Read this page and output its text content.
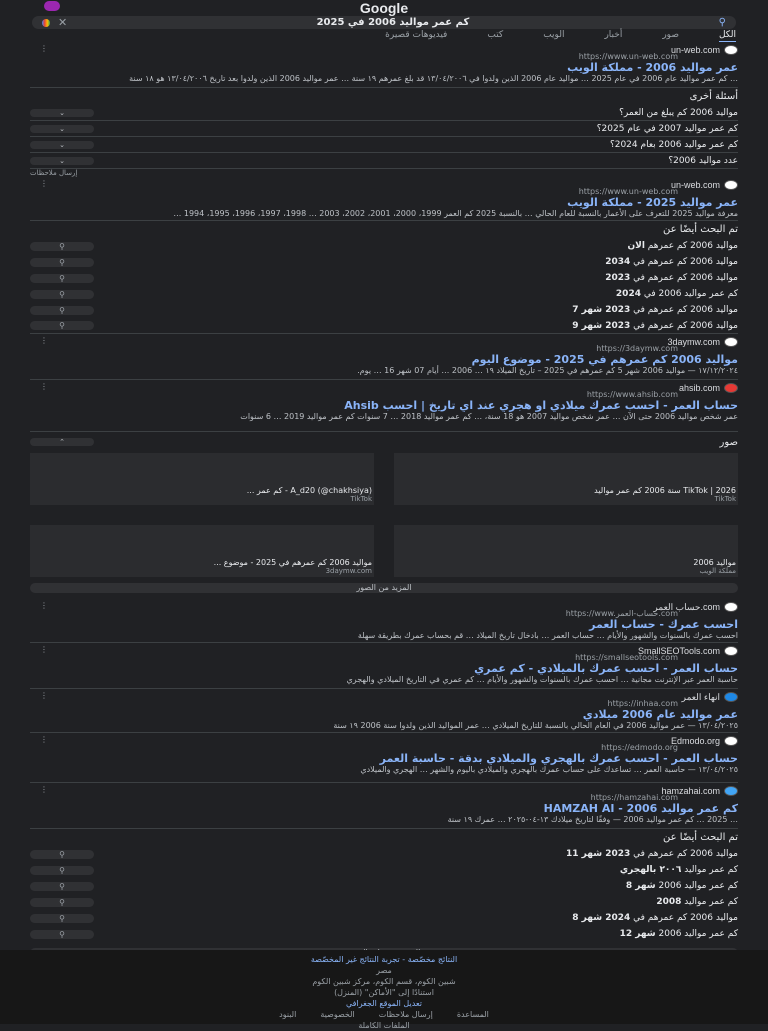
Google
⚲
كم عمر مواليد 2006 في 2025
✕
الكل
صور
أخبار
الويب
كتب
فيديوهات قصيرة
un-web.com
https://www.un-web.com
⋮
عمر مواليد 2006 - مملكة الويب
… كم عمر مواليد عام 2006 في عام 2025 … مواليد عام 2006 الذين ولدوا في ١٣/٠٤/٢٠٠٦ قد بلغ عمرهم ١٩ سنة … عمر مواليد 2006 الذين ولدوا بعد تاريخ ١٣/٠٤/٢٠٠٦ هو ١٨ سنة
أسئلة أخرى
مواليد 2006 كم يبلغ من العمر؟
⌄
كم عمر مواليد 2007 في عام 2025؟
⌄
كم عمر مواليد 2006 بعام 2024؟
⌄
عدد مواليد 2006؟
⌄
إرسال ملاحظات
un-web.com
https://www.un-web.com
⋮
عمر مواليد 2025 - مملكة الويب
معرفة مواليد 2025 للتعرف على الأعمار بالنسبة للعام الحالي … بالنسبة 2025 كم العمر 1999، 2000، 2001، 2002، 2003 … 1998، 1997، 1996، 1995، 1994 …
تم البحث أيضًا عن
مواليد 2006 كم عمرهم الان
⚲
مواليد 2006 كم عمرهم في 2034
⚲
مواليد 2006 كم عمرهم في 2023
⚲
كم عمر مواليد 2006 في 2024
⚲
مواليد 2006 كم عمرهم في 2023 شهر 7
⚲
مواليد 2006 كم عمرهم في 2023 شهر 9
⚲
3daymw.com
https://3daymw.com
⋮
مواليد 2006 كم عمرهم في 2025 - موضوع اليوم
١٧/١٢/٢٠٢٤ — مواليد 2006 شهر 5 كم عمرهم في 2025 – تاريخ الميلاد ١٩ … 2006 … أيام 07 شهر 16 … يوم.
ahsib.com
https://www.ahsib.com
⋮
حساب العمر - احسب عمرك ميلادي او هجري عند اي تاريخ | احسب Ahsib
عمر شخص مواليد 2006 حتى الآن … عمر شخص مواليد 2007 هو 18 سنة، … كم عمر مواليد 2018 … 7 سنوات كم عمر مواليد 2019 … 6 سنوات
صور
⌃
TikTok | 2026 سنة 2006 كم عمر مواليد
TikTok
A_d20 (@chakhsiya) - كم عمر ...
TikTok
مواليد 2006
مملكة الويب
مواليد 2006 كم عمرهم في 2025 - موضوع ...
3daymw.com
المزيد من الصور
حساب العمر.com
https://www.حساب-العمر.com
⋮
احسب عمرك - حساب العمر
احسب عمرك بالسنوات والشهور والأيام … حساب العمر … بادخال تاريخ الميلاد … قم بحساب عمرك بطريقة سهلة
SmallSEOTools.com
https://smallseotools.com
⋮
حساب العمر - احسب عمرك بالميلادي - كم عمري
حاسبة العمر عبر الإنترنت مجانية … احسب عمرك بالسنوات والشهور والأيام … كم عمري في التاريخ الميلادي والهجري
انهاء العمر
https://inhaa.com
⋮
عمر مواليد عام 2006 ميلادي
١٣/٠٤/٢٠٢٥ — عمر مواليد 2006 في العام الحالي بالنسبة للتاريخ الميلادي … عمر المواليد الذين ولدوا سنة 2006 ١٩ سنة
Edmodo.org
https://edmodo.org
⋮
حساب العمر - احسب عمرك بالهجري والميلادي بدقة - حاسبة العمر
١٣/٠٤/٢٠٢٥ — حاسبة العمر … تساعدك على حساب عمرك بالهجري والميلادي باليوم والشهر … الهجري والميلادي
hamzahai.com
https://hamzahai.com
⋮
كم عمر مواليد 2006 - HAMZAH AI
… 2025 … كم عمر مواليد 2006 — وفقًا لتاريخ ميلادك ١٣-٠٤-٢٠٢٥ … عمرك ١٩ سنة
تم البحث أيضًا عن
مواليد 2006 كم عمرهم في 2023 شهر 11
⚲
كم عمر مواليد ٢٠٠٦ بالهجري
⚲
كم عمر مواليد 2006 شهر 8
⚲
كم عمر مواليد 2008
⚲
مواليد 2006 كم عمرهم في 2024 شهر 8
⚲
كم عمر مواليد 2006 شهر 12
⚲
النتائج مخصّصة - تجربة النتائج غير المخصّصة
مصر
شبين الكوم، قسم الكوم، مركز شبين الكوم
استنادًا إلى "الأماكن" (المنزل)
تعديل الموقع الجغرافي
المساعدة
إرسال ملاحظات
الخصوصية
البنود
الملفات الكاملة
